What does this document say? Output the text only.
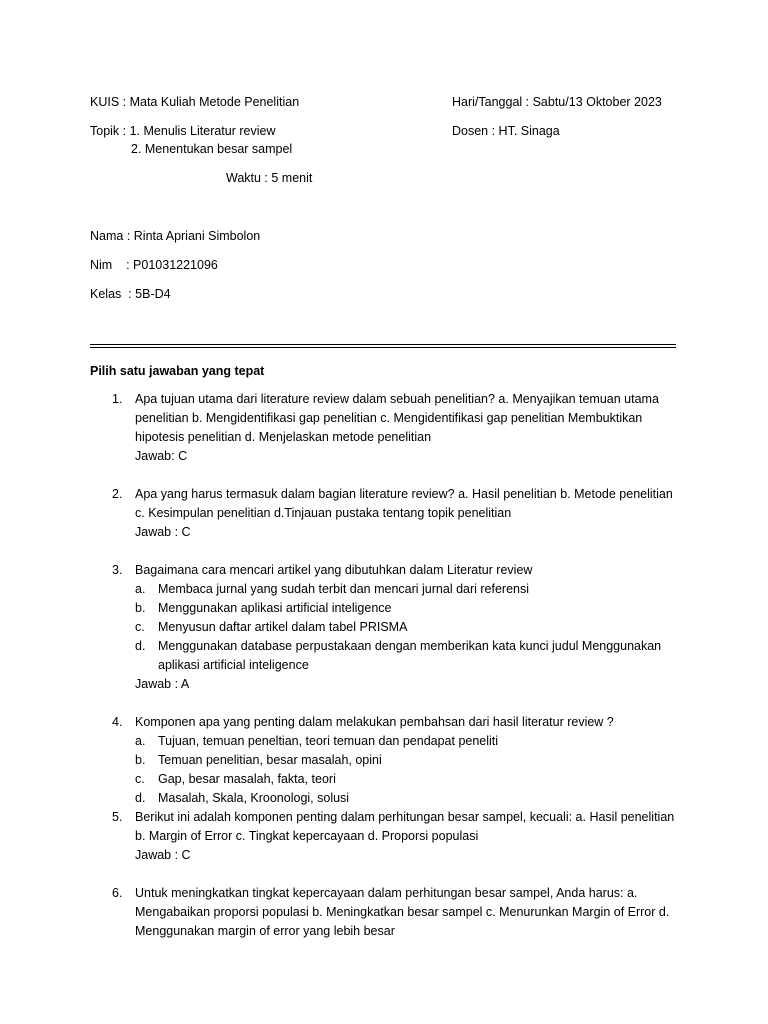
KUIS : Mata Kuliah Metode Penelitian	Hari/Tanggal : Sabtu/13 Oktober 2023
Topik : 1. Menulis Literatur review	Dosen : HT. Sinaga
2. Menentukan besar sampel
Waktu : 5 menit
Nama : Rinta Apriani Simbolon
Nim    : P01031221096
Kelas  : 5B-D4
Pilih satu jawaban yang tepat
1. Apa tujuan utama dari literature review dalam sebuah penelitian? a. Menyajikan temuan utama penelitian b. Mengidentifikasi gap penelitian c. Mengidentifikasi gap penelitian Membuktikan hipotesis penelitian d. Menjelaskan metode penelitian
Jawab: C
2. Apa yang harus termasuk dalam bagian literature review? a. Hasil penelitian b. Metode penelitian c. Kesimpulan penelitian d.Tinjauan pustaka tentang topik penelitian
Jawab : C
3. Bagaimana cara mencari artikel yang dibutuhkan dalam Literatur review
a. Membaca jurnal yang sudah terbit dan mencari jurnal dari referensi
b. Menggunakan aplikasi artificial inteligence
c. Menyusun daftar artikel dalam tabel PRISMA
d. Menggunakan database perpustakaan dengan memberikan kata kunci judul Menggunakan aplikasi artificial inteligence
Jawab : A
4. Komponen apa yang penting dalam melakukan pembahsan dari hasil literatur review ?
a. Tujuan, temuan peneltian, teori temuan dan pendapat peneliti
b. Temuan penelitian, besar masalah, opini
c. Gap, besar masalah, fakta, teori
d. Masalah, Skala, Kroonologi, solusi
5. Berikut ini adalah komponen penting dalam perhitungan besar sampel, kecuali: a. Hasil penelitian b. Margin of Error c. Tingkat kepercayaan d. Proporsi populasi
Jawab : C
6. Untuk meningkatkan tingkat kepercayaan dalam perhitungan besar sampel, Anda harus: a. Mengabaikan proporsi populasi b. Meningkatkan besar sampel c. Menurunkan Margin of Error d. Menggunakan margin of error yang lebih besar
